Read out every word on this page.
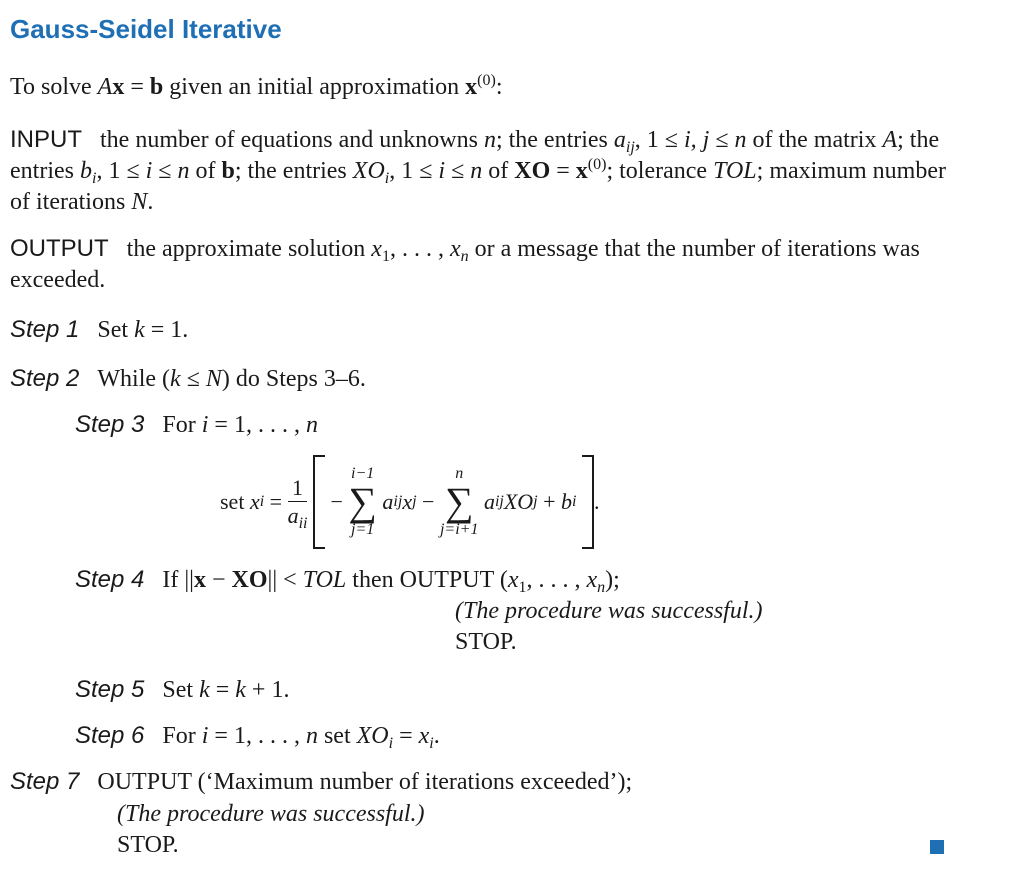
Gauss-Seidel Iterative
To solve Ax = b given an initial approximation $x^{(0)}$:
INPUT the number of equations and unknowns n; the entries $a_{ij}$, 1 ≤ i, j ≤ n of the matrix A; the entries $b_i$, 1 ≤ i ≤ n of b; the entries $XO_i$, 1 ≤ i ≤ n of XO = $x^{(0)}$; tolerance TOL; maximum number of iterations N.
OUTPUT the approximate solution $x_1$, . . . , $x_n$ or a message that the number of iterations was exceeded.
Step 1 Set k = 1.
Step 2 While (k ≤ N) do Steps 3–6.
Step 3 For i = 1, . . . , n
set xi = $\frac{1}{a_{ii}}$ −
i−1
∑
j=1
aijxj −
n
∑
j=i+1
aijXOj + bi .
Step 4 If ||x − XO|| < TOL then OUTPUT ($x_1$, . . . , $x_n$);
(The procedure was successful.)
STOP.
Step 5 Set k = k + 1.
Step 6 For i = 1, . . . , n set $XO_i = x_i$.
Step 7 OUTPUT (‘Maximum number of iterations exceeded’);
(The procedure was successful.)
STOP.
